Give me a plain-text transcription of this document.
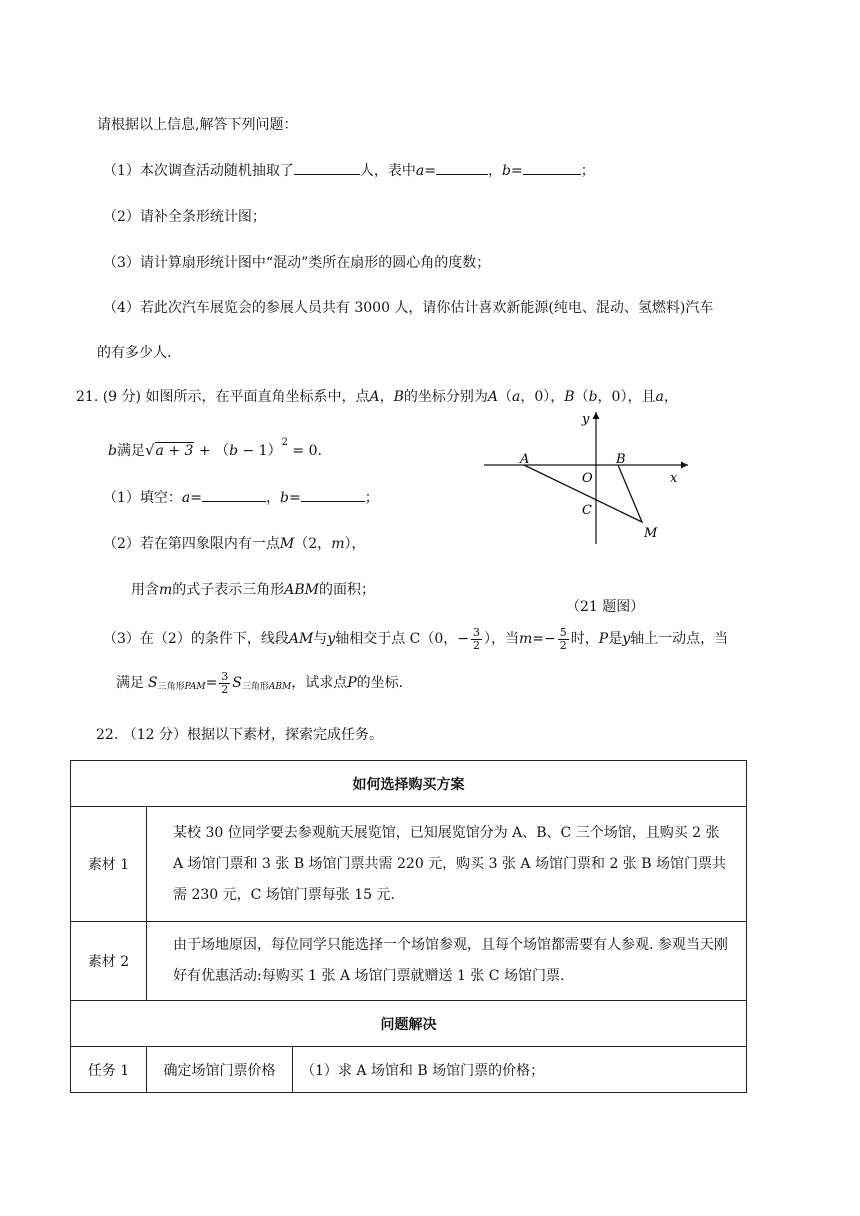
请根据以上信息,解答下列问题：
（1）本次调查活动随机抽取了	人，表中a=	，b=	；
（2）请补全条形统计图；
（3）请计算扇形统计图中“混动”类所在扇形的圆心角的度数；
（4）若此次汽车展览会的参展人员共有 3000 人，请你估计喜欢新能源(纯电、混动、氢燃料)汽车
的有多少人.
21. (9 分) 如图所示，在平面直角坐标系中，点A，B的坐标分别为A（a，0），B（b，0），且a，
b满足$√a + 3 + (b - 1)^2 = 0$.
（1）填空：a=	，b=	；
（2）若在第四象限内有一点M（2，m），
用含m的式子表示三角形ABM的面积；
y
x
A	B
O
C
M
（21 题图）
（3）在（2）的条件下，线段AM与y轴相交于点 C（0，− $\frac{3}{2}$ ），当$m=- \frac{5}{2}$ 时，P是y轴上一动点，当
满足 $S_{三角形PAM}= \frac{3}{2} S_{三角形ABM}$，试求点P的坐标.
22. （12 分）根据以下素材，探索完成任务。
如何选择购买方案		
素材 1	某校 30 位同学要去参观航天展览馆，已知展览馆分为 A、B、C 三个场馆，且购买 2 张 A 场馆门票和 3 张 B 场馆门票共需 220 元，购买 3 张 A 场馆门票和 2 张 B 场馆门票共需 230 元，C 场馆门票每张 15 元.	
素材 2	由于场地原因，每位同学只能选择一个场馆参观，且每个场馆都需要有人参观. 参观当天刚好有优惠活动:每购买 1 张 A 场馆门票就赠送 1 张 C 场馆门票.	
问题解决		
任务 1	确定场馆门票价格	（1）求 A 场馆和 B 场馆门票的价格；
